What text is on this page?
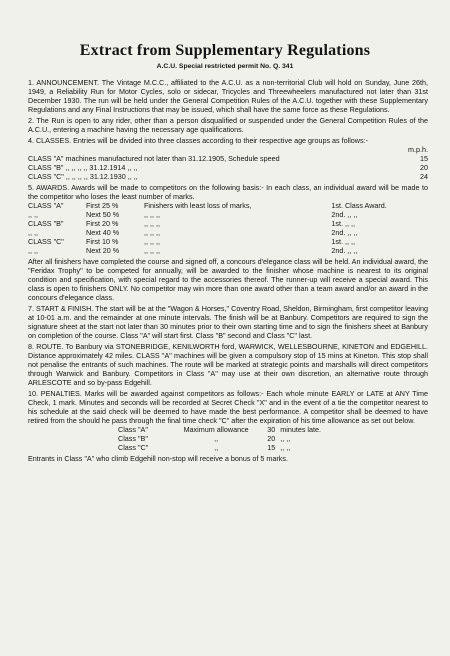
Extract from Supplementary Regulations
A.C.U. Special restricted permit No. Q. 341
1. ANNOUNCEMENT. The Vintage M.C.C., affiliated to the A.C.U. as a non-territorial Club will hold on Sunday, June 26th, 1949, a Reliability Run for Motor Cycles, solo or sidecar, Tricycles and Threewheelers manufactured not later than 31st December 1930. The run will be held under the General Competition Rules of the A.C.U. together with these Supplementary Regulations and any Final Instructions that may be issued, which shall have the same force as these Regulations.
2. The Run is open to any rider, other than a person disqualified or suspended under the General Competition Rules of the A.C.U., entering a machine having the necessary age qualifications.
4. CLASSES. Entries will be divided into three classes according to their respective age groups as follows:-
	m.p.h.
CLASS "A" machines manufactured not later than 31.12.1905, Schedule speed	15
CLASS "B" ,, ,, ,, ,, 31.12.1914 ,, ,,	20
CLASS "C" ,, ,, ,, ,, 31.12.1930 ,, ,,	24
5. AWARDS. Awards will be made to competitors on the following basis:- In each class, an individual award will be made to the competitor who loses the least number of marks.
CLASS "A"	First 25 %	Finishers with least loss of marks,	1st. Class Award.
,, ,,	Next 50 %	,, ,, ,,	2nd. ,, ,,
CLASS "B"	First 20 %	,, ,, ,,	1st. ,, ,,
,, ,,	Next 40 %	,, ,, ,,	2nd. ,, ,,
CLASS "C"	First 10 %	,, ,, ,,	1st. ,, ,,
,, ,,	Next 20 %	,, ,, ,,	2nd. ,, ,,
After all finishers have completed the course and signed off, a concours d'elegance class will be held. An individual award, the "Feridax Trophy" to be competed for annually, will be awarded to the finisher whose machine is nearest to its original condition and specification, with special regard to the accessories thereof. The runner-up will receive a special award. This class is open to finishers ONLY. No competitor may win more than one award other than a team award and/or an award in the concours d'elegance class.
7. START & FINISH. The start will be at the "Wagon & Horses," Coventry Road, Sheldon, Birmingham, first competitor leaving at 10-01 a.m. and the remainder at one minute intervals. The finish will be at Banbury. Competitors are required to sign the signature sheet at the start not later than 30 minutes prior to their own starting time and to sign the finishers sheet at Banbury on completion of the course. Class "A" will start first. Class "B" second and Class "C" last.
8. ROUTE. To Banbury via STONEBRIDGE, KENILWORTH ford, WARWICK, WELLESBOURNE, KINETON and EDGEHILL. Distance approximately 42 miles. CLASS "A" machines will be given a compulsory stop of 15 mins at Kineton. This stop shall not penalise the entrants of such machines. The route will be marked at strategic points and marshalls will direct competitors through Warwick and Banbury. Competitors in Class "A" may use at their own discretion, an alternative route through ARLESCOTE and so by-pass Edgehill.
10. PENALTIES. Marks will be awarded against competitors as follows:- Each whole minute EARLY or LATE at ANY Time Check, 1 mark. Minutes and seconds will be recorded at Secret Check "X" and in the event of a tie the competitor nearest to his schedule at the said check will be deemed to have made the best performance. A competitor shall be deemed to have retired from the should he pass through the final time check "C" after the expiration of his time allowance as set out below.
Class "A"	Maximum allowance	30	minutes late.
Class "B"	,,	20	,, ,,
Class "C"	,,	15	,, ,,
Entrants in Class "A" who climb Edgehill non-stop will receive a bonus of 5 marks.
